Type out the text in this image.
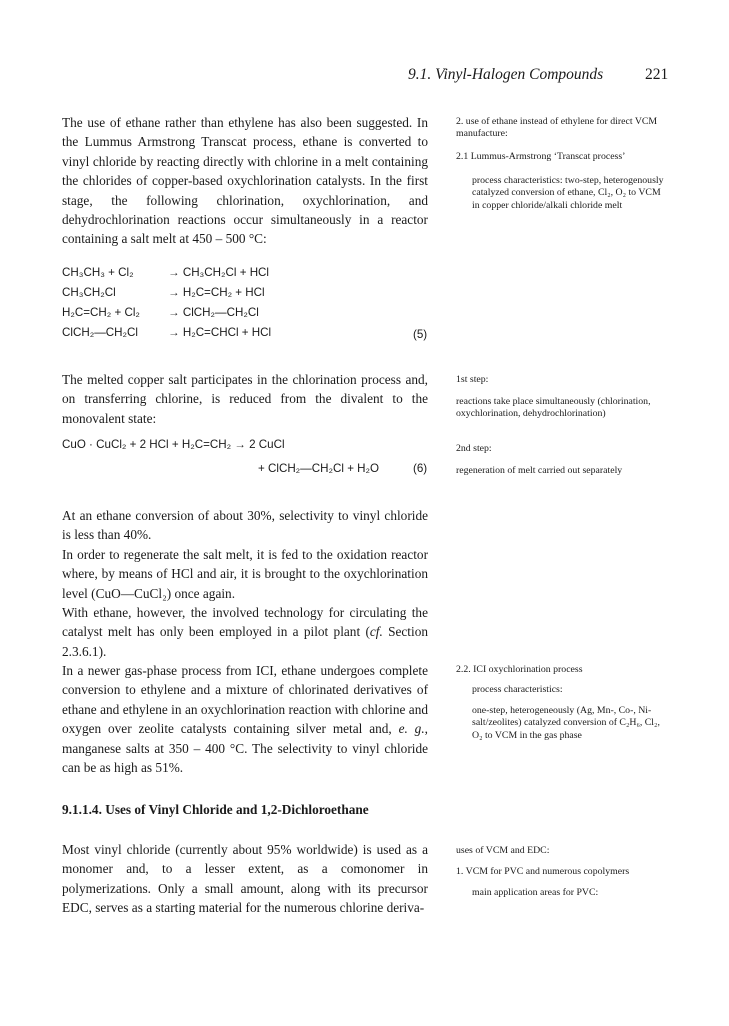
9.1. Vinyl-Halogen Compounds	221
The use of ethane rather than ethylene has also been suggested. In the Lummus Armstrong Transcat process, ethane is converted to vinyl chloride by reacting directly with chlorine in a melt containing the chlorides of copper-based oxychlorination catalysts. In the first stage, the following chlorination, oxychlorination, and dehydrochlorination reactions occur simultaneously in a reactor containing a salt melt at 450 – 500 °C:
CH₃CH₃ + Cl₂	→ CH₃CH₂Cl + HCl
CH₃CH₂Cl	→ H₂C=CH₂ + HCl
H₂C=CH₂ + Cl₂ → ClCH₂—CH₂Cl
ClCH₂—CH₂Cl	→ H₂C=CHCl + HCl	(5)
The melted copper salt participates in the chlorination process and, on transferring chlorine, is reduced from the divalent to the monovalent state:
CuO · CuCl₂ + 2 HCl + H₂C=CH₂ → 2 CuCl
+ ClCH₂—CH₂Cl + H₂O	(6)
At an ethane conversion of about 30%, selectivity to vinyl chloride is less than 40%.
In order to regenerate the salt melt, it is fed to the oxidation reactor where, by means of HCl and air, it is brought to the oxychlorination level (CuO—CuCl₂) once again.
With ethane, however, the involved technology for circulating the catalyst melt has only been employed in a pilot plant (cf. Section 2.3.6.1).
In a newer gas-phase process from ICI, ethane undergoes complete conversion to ethylene and a mixture of chlorinated derivatives of ethane and ethylene in an oxychlorination reaction with chlorine and oxygen over zeolite catalysts containing silver metal and, e. g., manganese salts at 350 – 400 °C. The selectivity to vinyl chloride can be as high as 51%.
9.1.1.4. Uses of Vinyl Chloride and 1,2-Dichloroethane
Most vinyl chloride (currently about 95% worldwide) is used as a monomer and, to a lesser extent, as a comonomer in polymerizations. Only a small amount, along with its precursor EDC, serves as a starting material for the numerous chlorine deriva-
2. use of ethane instead of ethylene for direct VCM manufacture:
2.1 Lummus-Armstrong ‘Transcat process’
process characteristics: two-step, heterogenously catalyzed conversion of ethane, Cl₂, O₂ to VCM in copper chloride/alkali chloride melt
1st step:
reactions take place simultaneously (chlorination, oxychlorination, dehydrochlorination)
2nd step:
regeneration of melt carried out separately
2.2. ICI oxychlorination process
process characteristics:
one-step, heterogeneously (Ag, Mn-, Co-, Ni-salt/zeolites) catalyzed conversion of C₂H₆, Cl₂, O₂ to VCM in the gas phase
uses of VCM and EDC:
1. VCM for PVC and numerous copolymers
main application areas for PVC:
